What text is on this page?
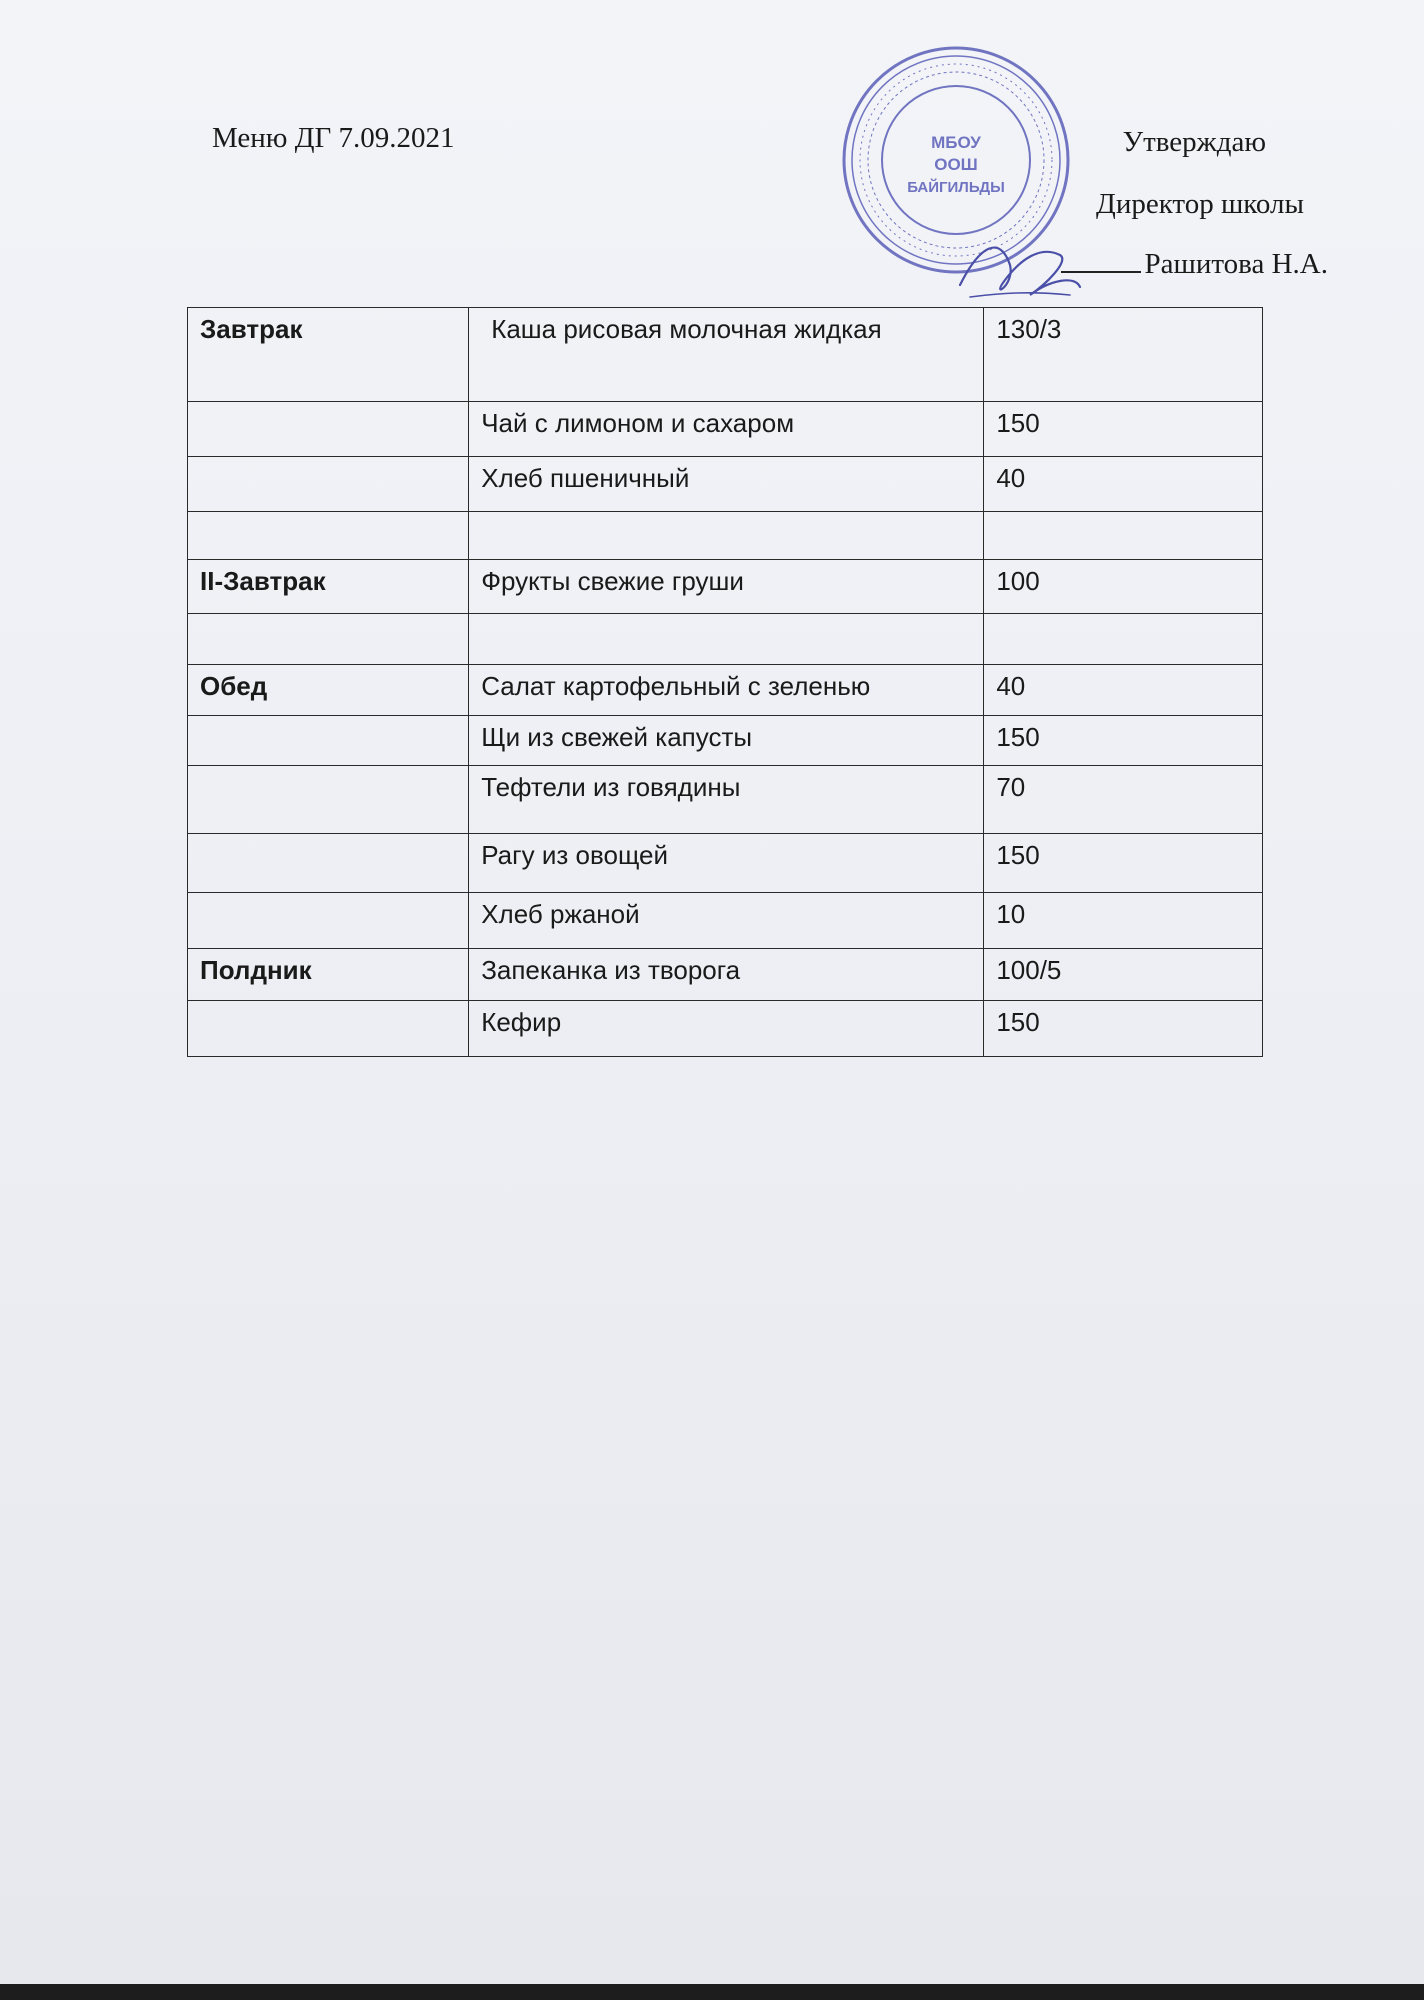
Меню ДГ 7.09.2021	МБОУ
ООШ
БАЙГИЛЬДЫ
Утверждаю
Директор школы
Рашитова Н.А.
Завтрак	Каша рисовая молочная жидкая	130/3
	Чай с лимоном и сахаром	150
	Хлеб пшеничный	40

II-Завтрак	Фрукты свежие груши	100

Обед	Салат картофельный с зеленью	40
	Щи из свежей капусты	150
	Тефтели из говядины	70
	Рагу из овощей	150
	Хлеб ржаной	10
Полдник	Запеканка из творога	100/5
	Кефир	150
